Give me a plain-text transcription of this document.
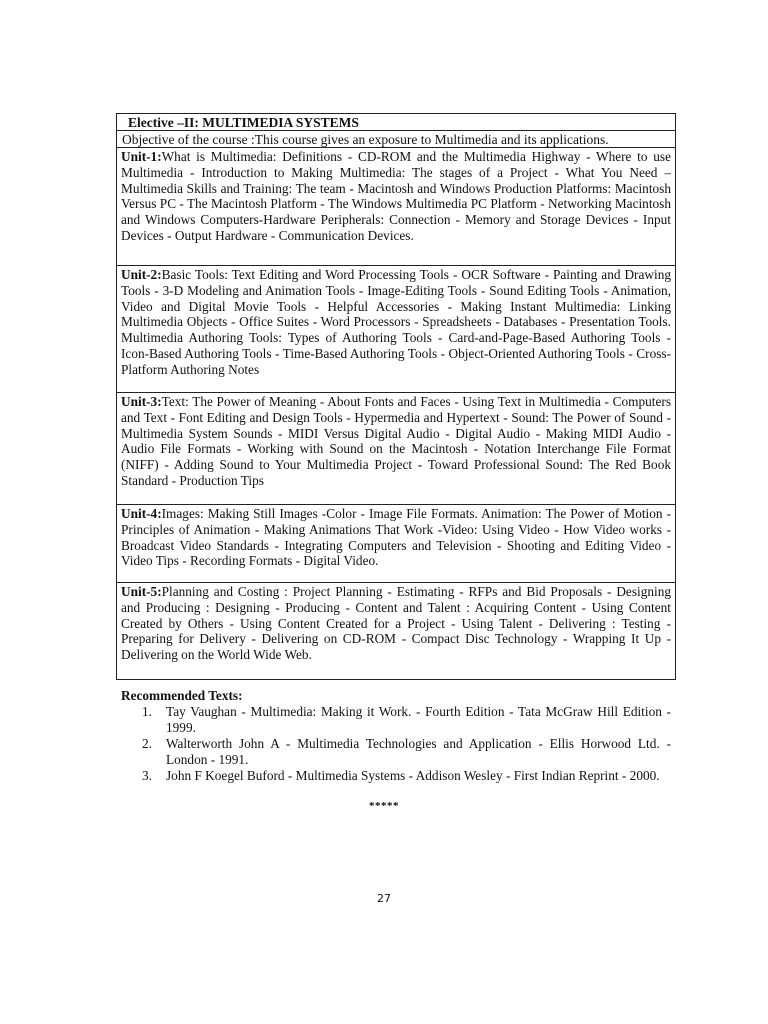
Elective –II: MULTIMEDIA SYSTEMS
Objective of the course :This course gives an exposure to Multimedia and its applications.
Unit-1:What is Multimedia: Definitions - CD-ROM and the Multimedia Highway - Where to use Multimedia - Introduction to Making Multimedia: The stages of a Project - What You Need – Multimedia Skills and Training: The team - Macintosh and Windows Production Platforms: Macintosh Versus PC - The Macintosh Platform - The Windows Multimedia PC Platform - Networking Macintosh and Windows Computers-Hardware Peripherals: Connection - Memory and Storage Devices - Input Devices - Output Hardware - Communication Devices.
Unit-2:Basic Tools: Text Editing and Word Processing Tools - OCR Software - Painting and Drawing Tools - 3-D Modeling and Animation Tools - Image-Editing Tools - Sound Editing Tools - Animation, Video and Digital Movie Tools - Helpful Accessories - Making Instant Multimedia: Linking Multimedia Objects - Office Suites - Word Processors - Spreadsheets - Databases - Presentation Tools. Multimedia Authoring Tools: Types of Authoring Tools - Card-and-Page-Based Authoring Tools - Icon-Based Authoring Tools - Time-Based Authoring Tools - Object-Oriented Authoring Tools - Cross-Platform Authoring Notes
Unit-3:Text: The Power of Meaning - About Fonts and Faces - Using Text in Multimedia - Computers and Text - Font Editing and Design Tools - Hypermedia and Hypertext - Sound: The Power of Sound - Multimedia System Sounds - MIDI Versus Digital Audio - Digital Audio - Making MIDI Audio - Audio File Formats - Working with Sound on the Macintosh - Notation Interchange File Format (NIFF) - Adding Sound to Your Multimedia Project - Toward Professional Sound: The Red Book Standard - Production Tips
Unit-4:Images: Making Still Images -Color - Image File Formats. Animation: The Power of Motion - Principles of Animation - Making Animations That Work -Video: Using Video - How Video works - Broadcast Video Standards - Integrating Computers and Television - Shooting and Editing Video - Video Tips - Recording Formats - Digital Video.
Unit-5:Planning and Costing : Project Planning - Estimating - RFPs and Bid Proposals - Designing and Producing : Designing - Producing - Content and Talent : Acquiring Content - Using Content Created by Others - Using Content Created for a Project - Using Talent - Delivering : Testing - Preparing for Delivery - Delivering on CD-ROM - Compact Disc Technology - Wrapping It Up - Delivering on the World Wide Web.

Recommended Texts:

1. Tay Vaughan - Multimedia: Making it Work. - Fourth Edition - Tata McGraw Hill Edition - 1999.
2. Walterworth John A - Multimedia Technologies and Application - Ellis Horwood Ltd. - London - 1991.
3. John F Koegel Buford - Multimedia Systems - Addison Wesley - First Indian Reprint - 2000.
*****
27
